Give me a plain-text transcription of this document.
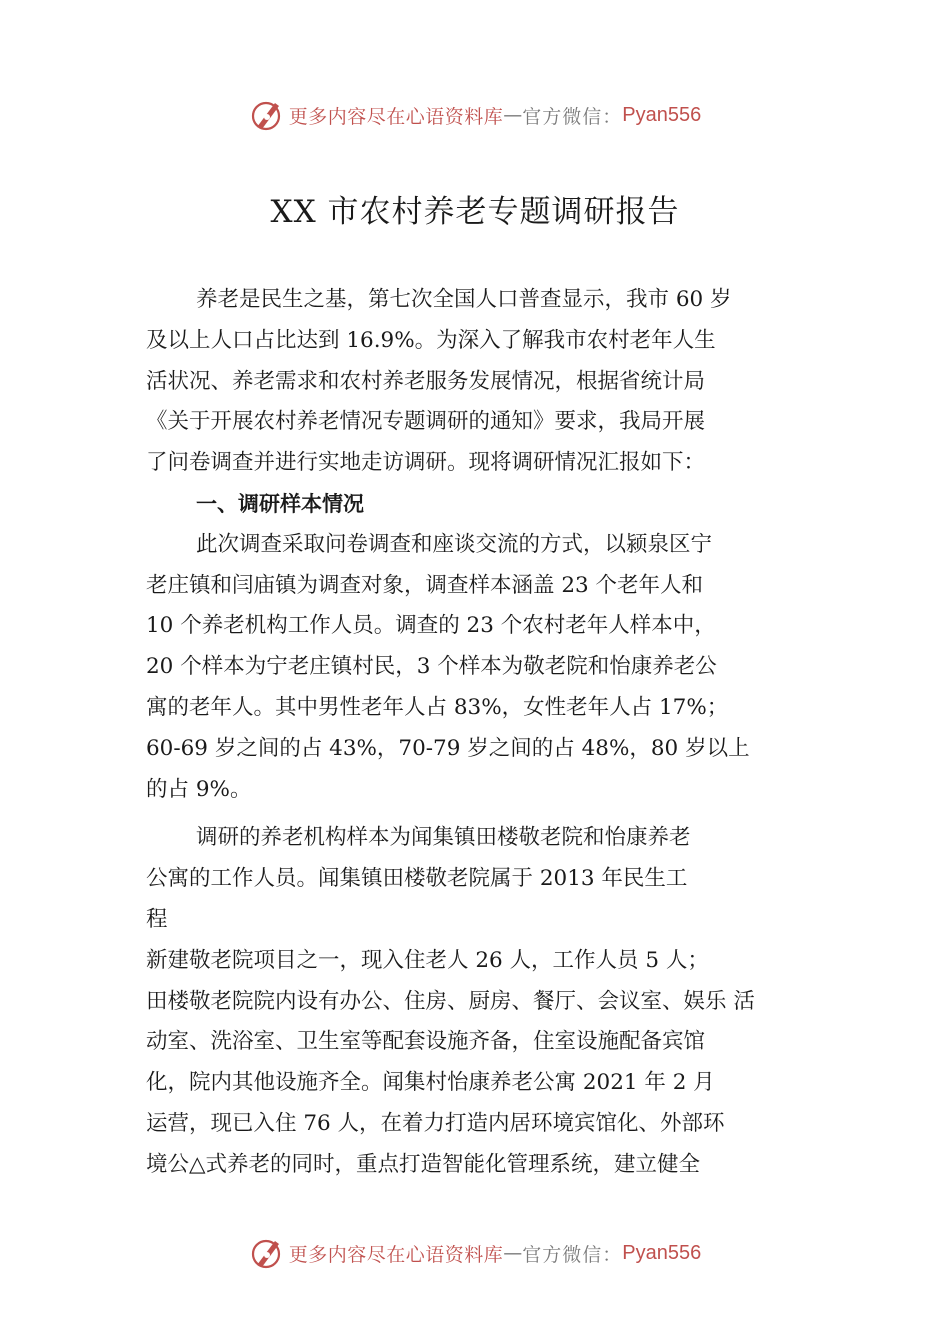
更多内容尽在心语资料库 — 官方微信： Pyan556
XX 市农村养老专题调研报告
养老是民生之基，第七次全国人口普查显示，我市 60 岁
及以上人口占比达到 16.9%。为深入了解我市农村老年人生
活状况、养老需求和农村养老服务发展情况，根据省统计局
《关于开展农村养老情况专题调研的通知》要求，我局开展
了问卷调查并进行实地走访调研。现将调研情况汇报如下：
一、调研样本情况
此次调查采取问卷调查和座谈交流的方式，以颍泉区宁
老庄镇和闫庙镇为调查对象，调查样本涵盖 23 个老年人和
10 个养老机构工作人员。调查的 23 个农村老年人样本中，
20 个样本为宁老庄镇村民，3 个样本为敬老院和怡康养老公
寓的老年人。其中男性老年人占 83%，女性老年人占 17%；
60-69 岁之间的占 43%，70-79 岁之间的占 48%，80 岁以上
的占 9%。
调研的养老机构样本为闻集镇田楼敬老院和怡康养老
公寓的工作人员。闻集镇田楼敬老院属于 2013 年民生工
程
新建敬老院项目之一，现入住老人 26 人，工作人员 5 人；
田楼敬老院院内设有办公、住房、厨房、餐厅、会议室、娱乐 活
动室、洗浴室、卫生室等配套设施齐备，住室设施配备宾馆
化，院内其他设施齐全。闻集村怡康养老公寓 2021 年 2 月
运营，现已入住 76 人，在着力打造内居环境宾馆化、外部环
境公△式养老的同时，重点打造智能化管理系统，建立健全
更多内容尽在心语资料库 — 官方微信： Pyan556
